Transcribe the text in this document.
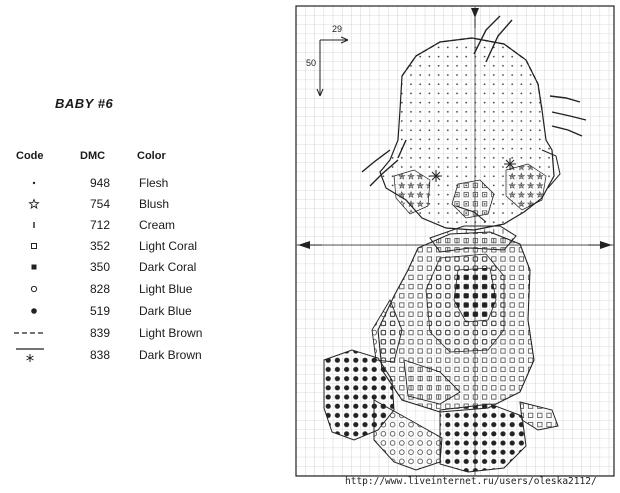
BABY #6
Code	DMC	Color
948 Flesh
754 Blush
712 Cream
352 Light Coral
350 Dark Coral
828 Light Blue
519 Dark Blue
839 Light Brown
838 Dark Brown
29
50
http://www.liveinternet.ru/users/oleska2112/
